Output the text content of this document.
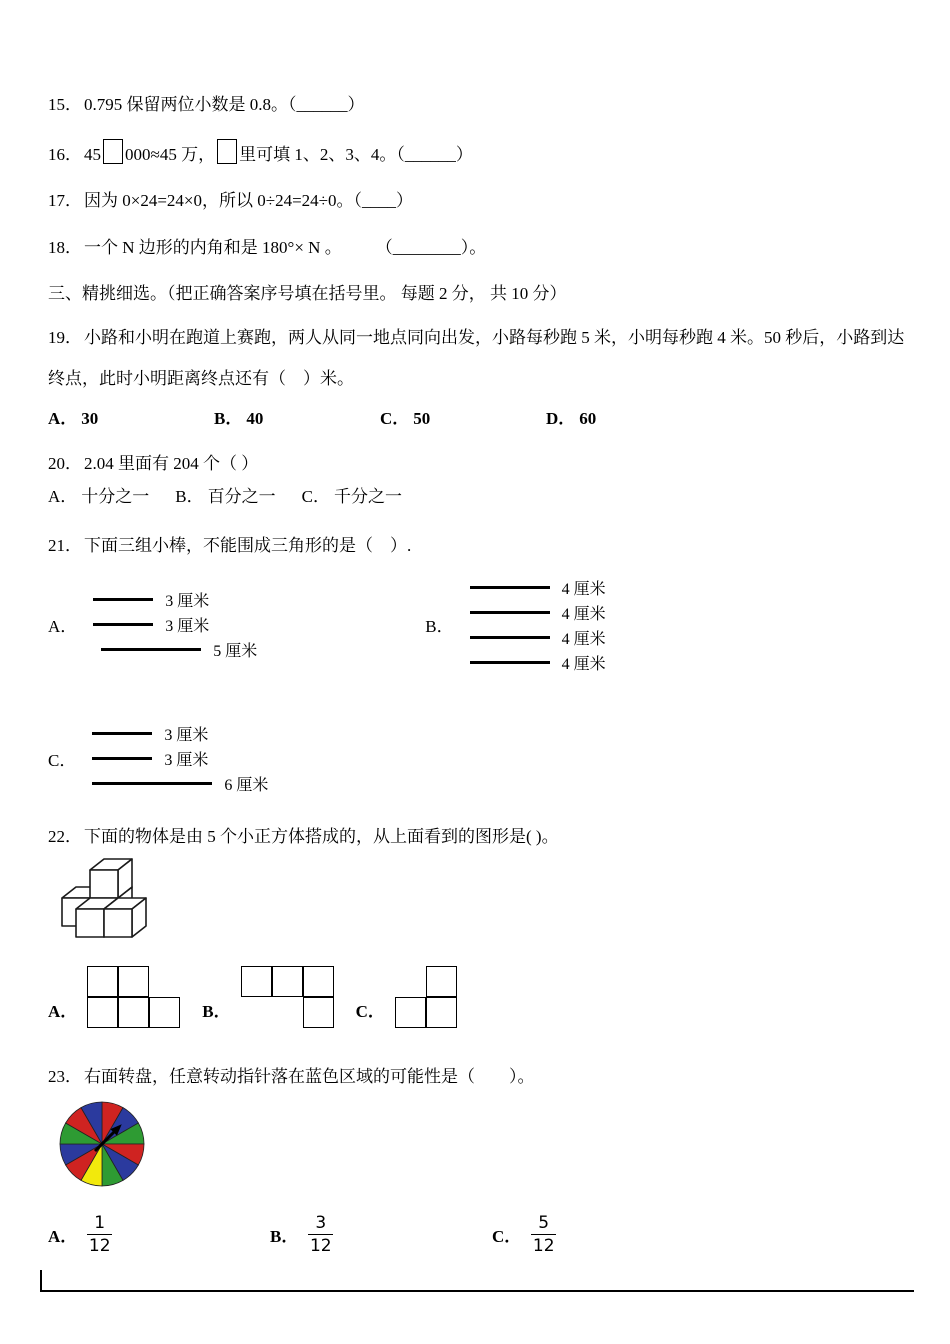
15． 0.795 保留两位小数是 0.8。（______）
16． 45 000≈45 万， 里可填 1、2、3、4。（______）
17． 因为 0×24=24×0，所以 0÷24=24÷0。（____）
18． 一个 N 边形的内角和是 180°× N 。 （________）。
三、精挑细选。（把正确答案序号填在括号里。 每题 2 分， 共 10 分）
19． 小路和小明在跑道上赛跑，两人从同一地点同向出发，小路每秒跑 5 米，小明每秒跑 4 米。50 秒后，小路到达终点，此时小明距离终点还有（　）米。
A． 30	B． 40	C． 50	D． 60
20． 2.04 里面有 204 个（ ）
A． 十分之一 B． 百分之一 C． 千分之一
21． 下面三组小棒，不能围成三角形的是（　）.
A．
3 厘米
3 厘米
5 厘米
B．
4 厘米
4 厘米
4 厘米
4 厘米
C．
3 厘米
3 厘米
6 厘米
22． 下面的物体是由 5 个小正方体搭成的，从上面看到的图形是( )。
A．	B．	C．
23． 右面转盘，任意转动指针落在蓝色区域的可能性是（　　）。
A． $\frac{1}{12}$	B． $\frac{3}{12}$	C． $\frac{5}{12}$
